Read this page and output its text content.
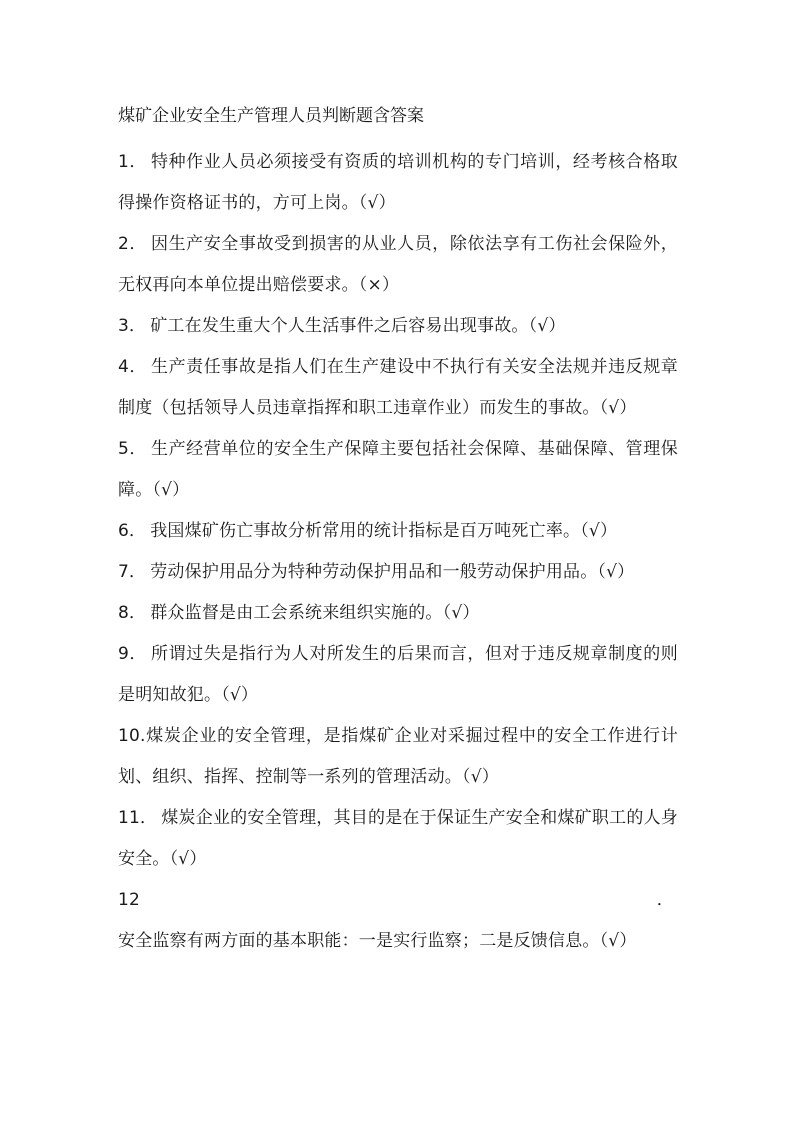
煤矿企业安全生产管理人员判断题含答案

1． 特种作业人员必须接受有资质的培训机构的专门培训，经考核合格取得操作资格证书的，方可上岗。（√）

2． 因生产安全事故受到损害的从业人员，除依法享有工伤社会保险外，无权再向本单位提出赔偿要求。（×）

3． 矿工在发生重大个人生活事件之后容易出现事故。（√）

4． 生产责任事故是指人们在生产建设中不执行有关安全法规并违反规章制度（包括领导人员违章指挥和职工违章作业）而发生的事故。（√）

5． 生产经营单位的安全生产保障主要包括社会保障、基础保障、管理保障。（√）

6． 我国煤矿伤亡事故分析常用的统计指标是百万吨死亡率。（√）

7． 劳动保护用品分为特种劳动保护用品和一般劳动保护用品。（√）

8． 群众监督是由工会系统来组织实施的。（√）

9． 所谓过失是指行为人对所发生的后果而言，但对于违反规章制度的则是明知故犯。（√）

10.煤炭企业的安全管理，是指煤矿企业对采掘过程中的安全工作进行计划、组织、指挥、控制等一系列的管理活动。（√）

11． 煤炭企业的安全管理，其目的是在于保证生产安全和煤矿职工的人身安全。（√）

12．安全监察有两方面的基本职能：一是实行监察；二是反馈信息。（√）
